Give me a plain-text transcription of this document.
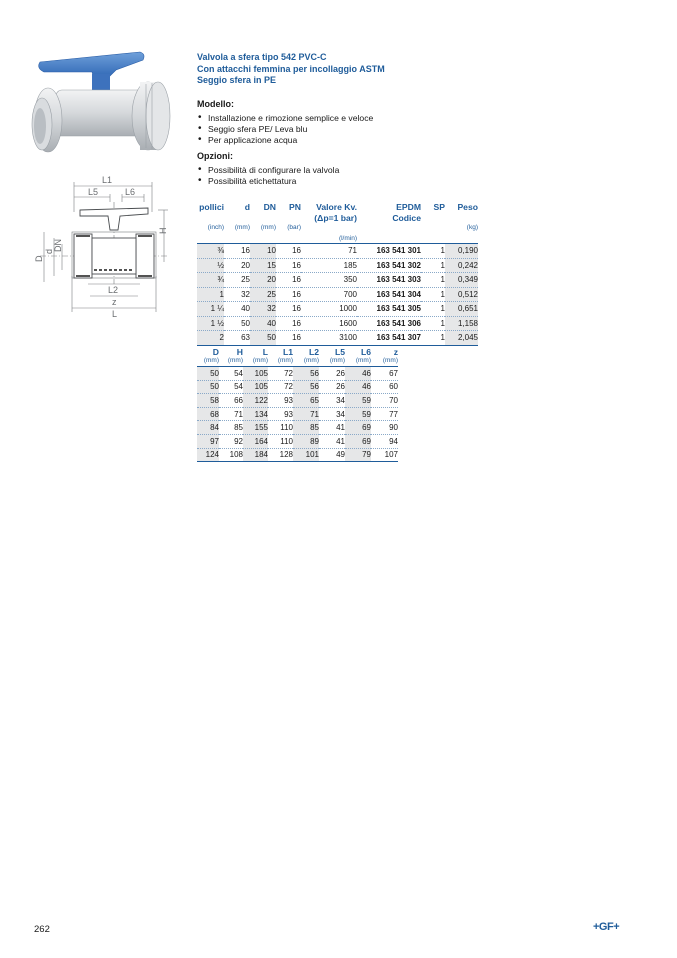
L1
L5	L6
H
D
d DN
L2
z
L
Valvola a sfera tipo 542 PVC-C
Con attacchi femmina per incollaggio ASTM
Seggio sfera in PE
Modello:
• Installazione e rimozione semplice e veloce
• Seggio sfera PE/ Leva blu
• Per applicazione acqua
Opzioni:
• Possibilità di configurare la valvola
• Possibilità etichettatura
pollici	d	DN	PN	Valore Kv.	EPDM	SP	Peso
				(Δp=1 bar)	Codice		
(inch)	(mm)	(mm)	(bar)				(kg)
				(l/min)			
⅜	16	10	16	71	163 541 301	1	0,190
½	20	15	16	185	163 541 302	1	0,242
¾	25	20	16	350	163 541 303	1	0,349
1	32	25	16	700	163 541 304	1	0,512
1 ¼	40	32	16	1000	163 541 305	1	0,651
1 ½	50	40	16	1600	163 541 306	1	1,158
2	63	50	16	3100	163 541 307	1	2,045
D	H	L	L1	L2	L5	L6	z
(mm)	(mm)	(mm)	(mm)	(mm)	(mm)	(mm)	(mm)
50	54	105	72	56	26	46	67
50	54	105	72	56	26	46	60
58	66	122	93	65	34	59	70
68	71	134	93	71	34	59	77
84	85	155	110	85	41	69	90
97	92	164	110	89	41	69	94
124	108	184	128	101	49	79	107
262	+GF+
